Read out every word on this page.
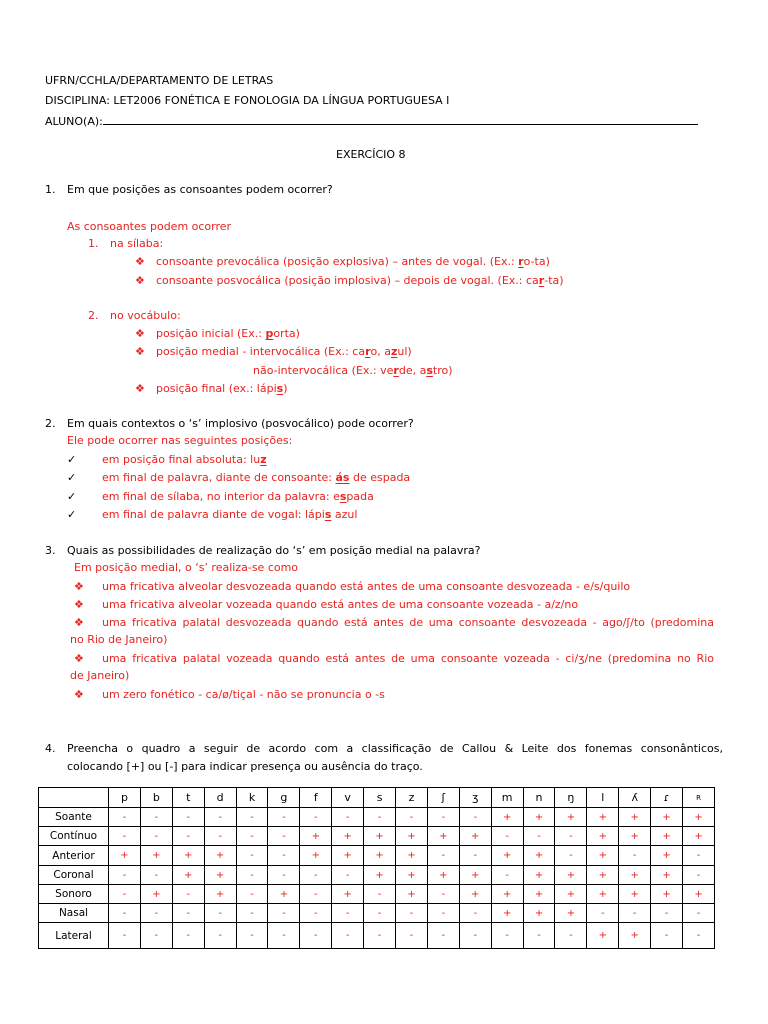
UFRN/CCHLA/DEPARTAMENTO DE LETRAS
DISCIPLINA: LET2006 FONÉTICA E FONOLOGIA DA LÍNGUA PORTUGUESA I
ALUNO(A):
EXERCÍCIO 8
1. Em que posições as consoantes podem ocorrer?
As consoantes podem ocorrer
1. na sílaba:
❖consoante prevocálica (posição explosiva) – antes de vogal. (Ex.: ro-ta)
❖consoante posvocálica (posição implosiva) – depois de vogal. (Ex.: car-ta)
2. no vocábulo:
❖posição inicial (Ex.: porta)
❖posição medial - intervocálica (Ex.: caro, azul)
não-intervocálica (Ex.: verde, astro)
❖posição final (ex.: lápis)
2. Em quais contextos o ‘s’ implosivo (posvocálico) pode ocorrer?
Ele pode ocorrer nas seguintes posições:
✓em posição final absoluta: luz
✓em final de palavra, diante de consoante: ás de espada
✓em final de sílaba, no interior da palavra: espada
✓em final de palavra diante de vogal: lápis azul
3. Quais as possibilidades de realização do ‘s’ em posição medial na palavra?
Em posição medial, o ‘s’ realiza-se como
❖uma fricativa alveolar desvozeada quando está antes de uma consoante desvozeada - e/s/quilo
❖uma fricativa alveolar vozeada quando está antes de uma consoante vozeada - a/z/no
❖uma fricativa palatal desvozeada quando está antes de uma consoante desvozeada - ago/ʃ/to (predomina
no Rio de Janeiro)
❖uma fricativa palatal vozeada quando está antes de uma consoante vozeada - ci/ʒ/ne (predomina no Rio
de Janeiro)
❖um zero fonético - ca/ø/tiçal - não se pronuncia o -s
4. Preencha o quadro a seguir de acordo com a classificação de Callou & Leite dos fonemas consonânticos,
colocando [+] ou [-] para indicar presença ou ausência do traço.
	p	b	t	d	k	g	f	v	s	z	ʃ	ʒ	m	n	ŋ	l	ʎ	ɾ	R
Soante	-	-	-	-	-	-	-	-	-	-	-	-	+	+	+	+	+	+	+
Contínuo	-	-	-	-	-	-	+	+	+	+	+	+	-	-	-	+	+	+	+
Anterior	+	+	+	+	-	-	+	+	+	+	-	-	+	+	-	+	-	+	-
Coronal	-	-	+	+	-	-	-	-	+	+	+	+	-	+	+	+	+	+	-
Sonoro	-	+	-	+	-	+	-	+	-	+	-	+	+	+	+	+	+	+	+
Nasal	-	-	-	-	-	-	-	-	-	-	-	-	+	+	+	-	-	-	-
Lateral	-	-	-	-	-	-	-	-	-	-	-	-	-	-	-	+	+	-	-
